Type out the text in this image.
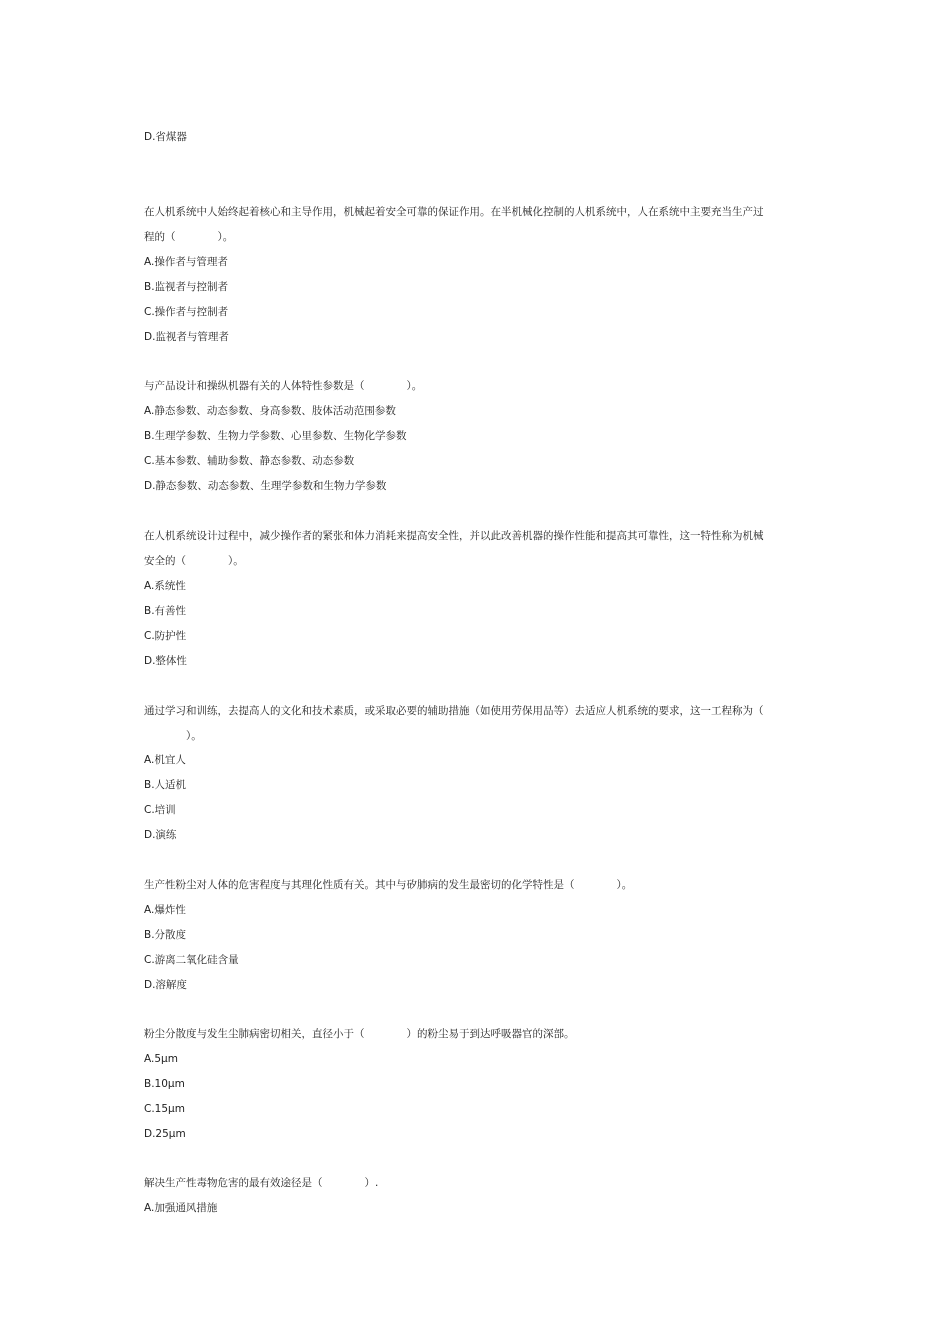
D.省煤器
在人机系统中人始终起着核心和主导作用，机械起着安全可靠的保证作用。在半机械化控制的人机系统中，人在系统中主要充当生产过
程的（　　　　）。
A.操作者与管理者
B.监视者与控制者
C.操作者与控制者
D.监视者与管理者
与产品设计和操纵机器有关的人体特性参数是（　　　　）。
A.静态参数、动态参数、身高参数、肢体活动范围参数
B.生理学参数、生物力学参数、心里参数、生物化学参数
C.基本参数、辅助参数、静态参数、动态参数
D.静态参数、动态参数、生理学参数和生物力学参数
在人机系统设计过程中，减少操作者的紧张和体力消耗来提高安全性，并以此改善机器的操作性能和提高其可靠性，这一特性称为机械
安全的（　　　　）。
A.系统性
B.有善性
C.防护性
D.整体性
通过学习和训练，去提高人的文化和技术素质，或采取必要的辅助措施（如使用劳保用品等）去适应人机系统的要求，这一工程称为（
　　　　）。
A.机宜人
B.人适机
C.培训
D.演练
生产性粉尘对人体的危害程度与其理化性质有关。其中与矽肺病的发生最密切的化学特性是（　　　　）。
A.爆炸性
B.分散度
C.游离二氧化硅含量
D.溶解度
粉尘分散度与发生尘肺病密切相关，直径小于（　　　　）的粉尘易于到达呼吸器官的深部。
A.5μm
B.10μm
C.15μm
D.25μm
解决生产性毒物危害的最有效途径是（　　　　）.
A.加强通风措施
